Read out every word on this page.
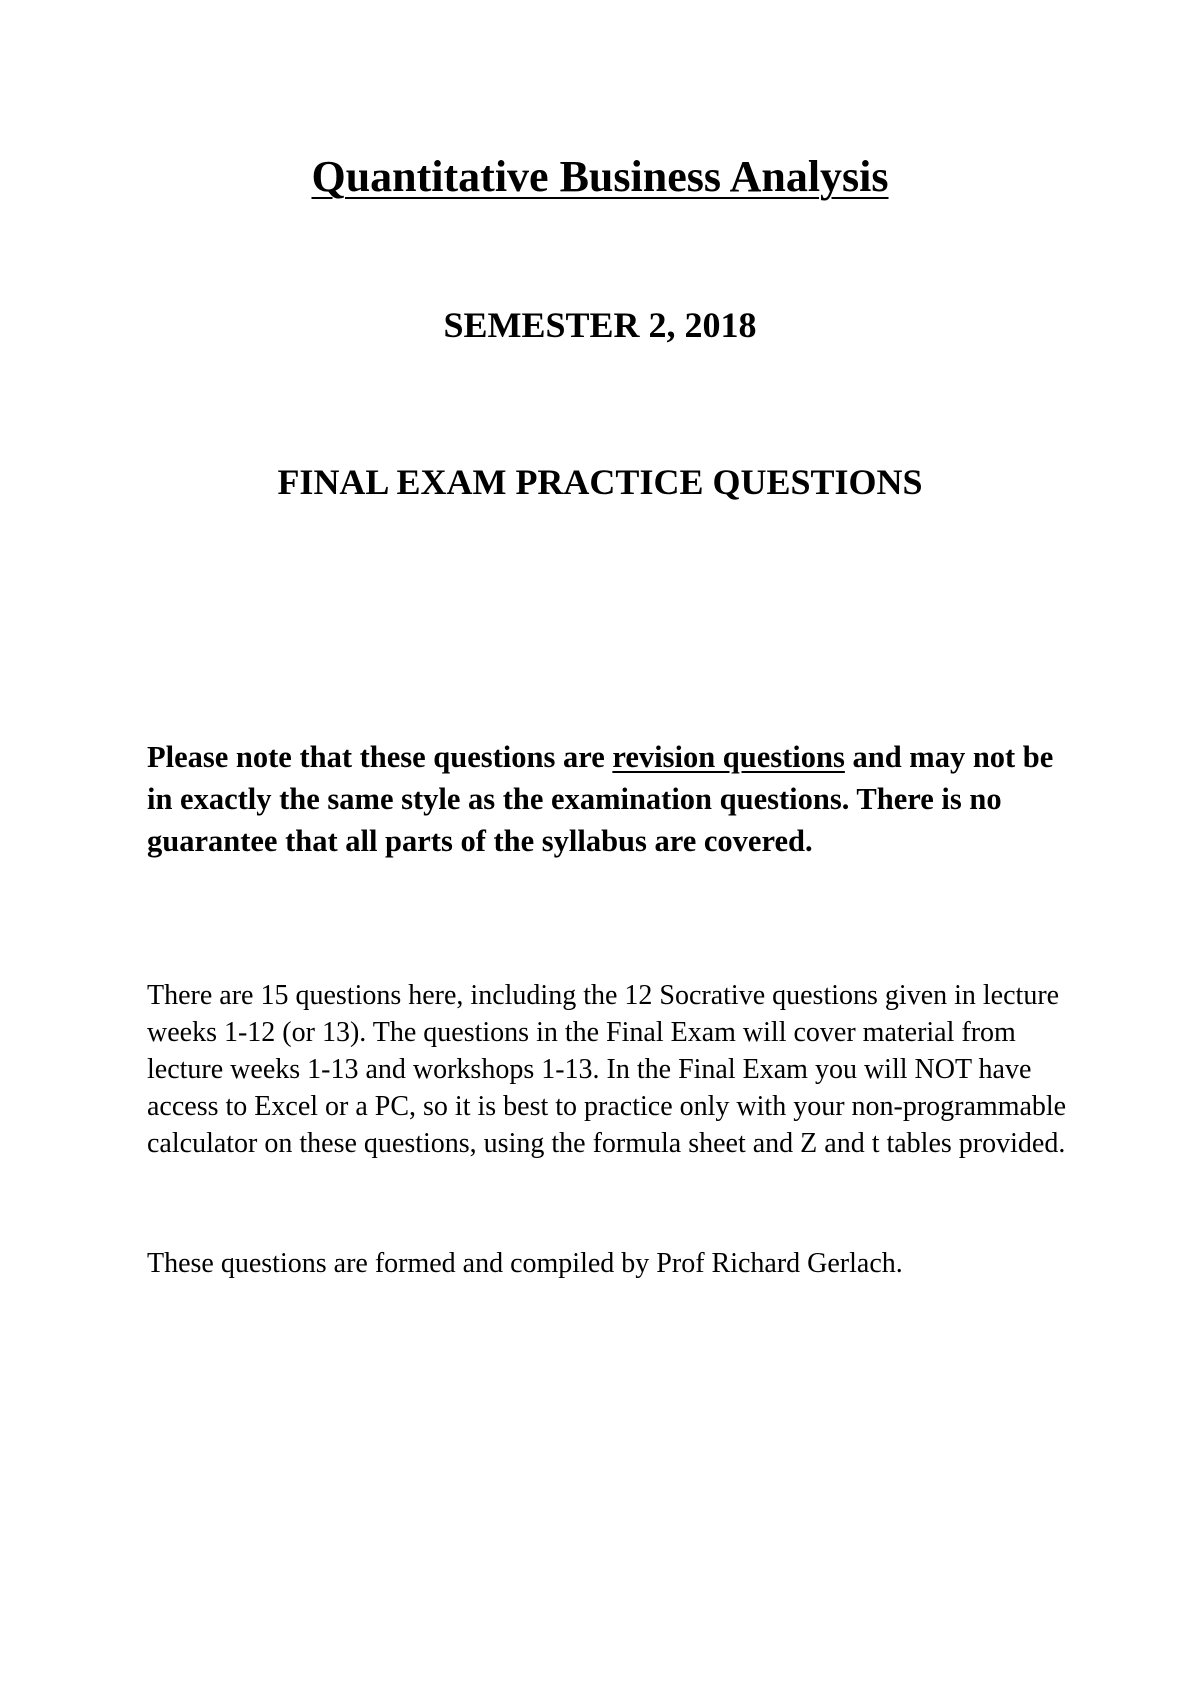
Quantitative Business Analysis
SEMESTER 2, 2018
FINAL EXAM PRACTICE QUESTIONS

Please note that these questions are revision questions and may not be in exactly the same style as the examination questions. There is no guarantee that all parts of the syllabus are covered.

There are 15 questions here, including the 12 Socrative questions given in lecture weeks 1-12 (or 13). The questions in the Final Exam will cover material from lecture weeks 1-13 and workshops 1-13. In the Final Exam you will NOT have access to Excel or a PC, so it is best to practice only with your non-programmable calculator on these questions, using the formula sheet and Z and t tables provided.

These questions are formed and compiled by Prof Richard Gerlach.
